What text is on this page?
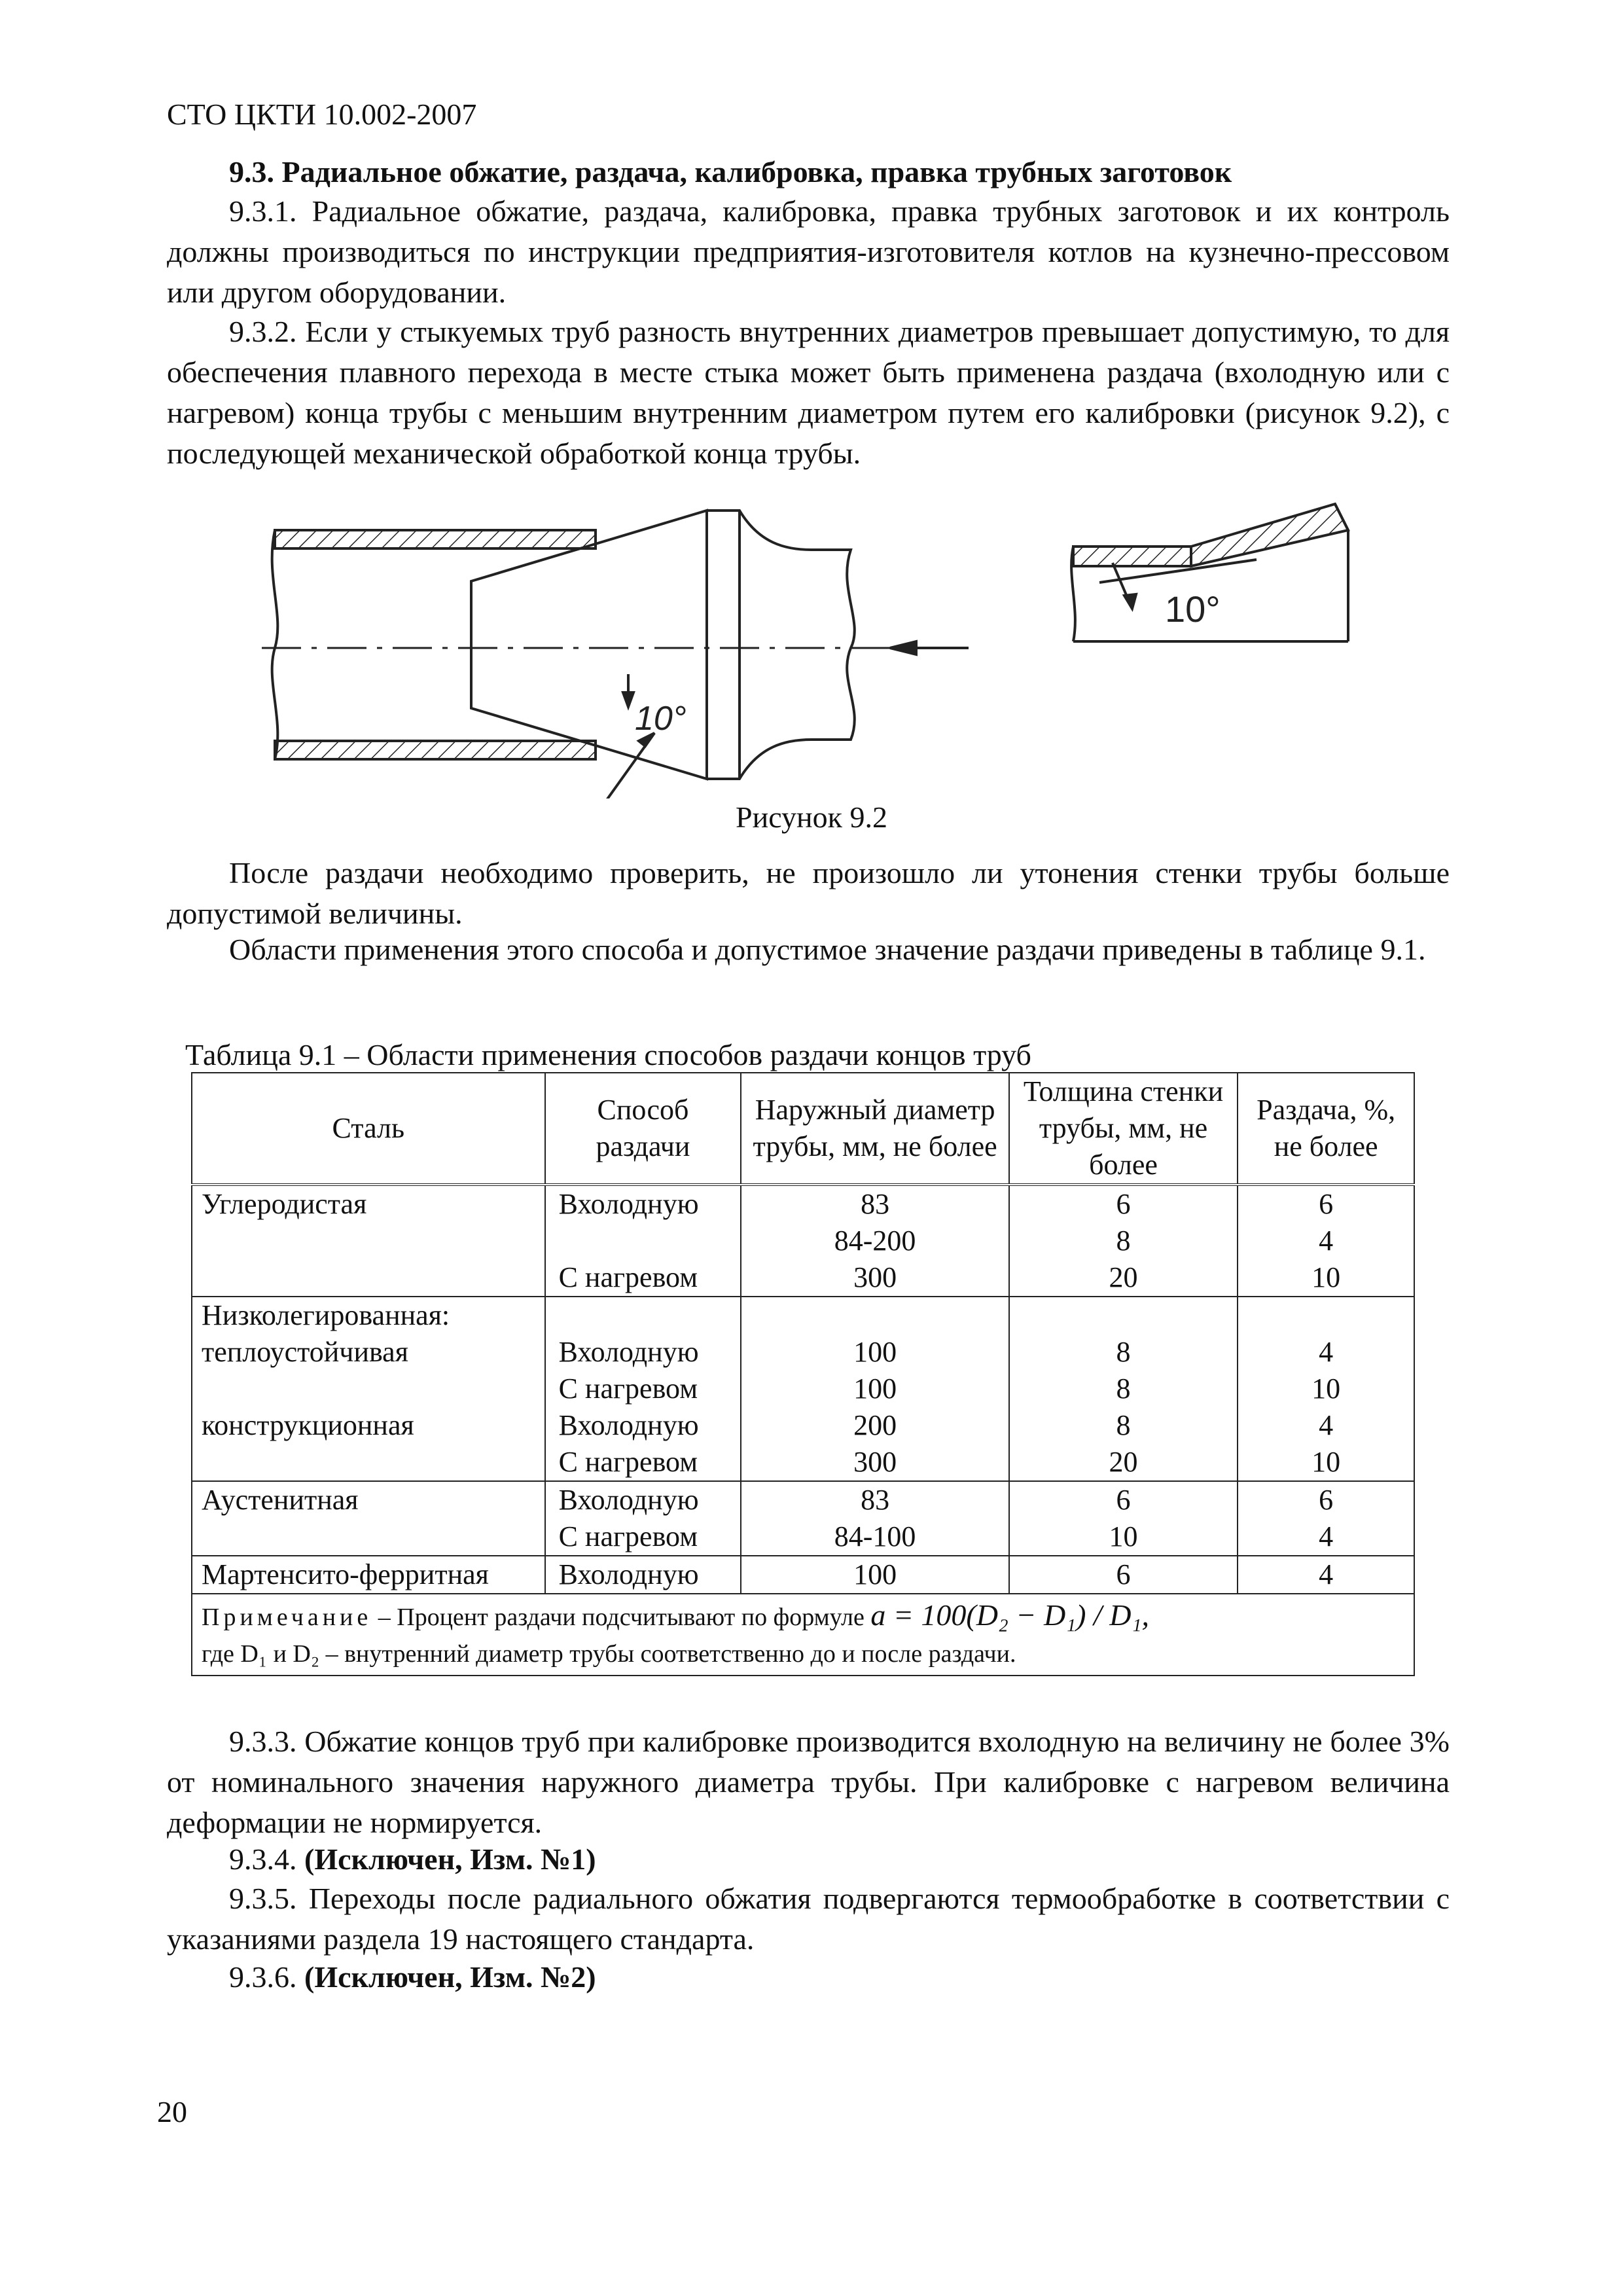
СТО ЦКТИ 10.002-2007
9.3. Радиальное обжатие, раздача, калибровка, правка трубных заготовок

9.3.1. Радиальное обжатие, раздача, калибровка, правка трубных заготовок и их контроль должны производиться по инструкции предприятия-изготовителя котлов на кузнечно-прессовом или другом оборудовании.

9.3.2. Если у стыкуемых труб разность внутренних диаметров превышает допустимую, то для обеспечения плавного перехода в месте стыка может быть применена раздача (вхолодную или с нагревом) конца трубы с меньшим внутренним диаметром путем его калибровки (рисунок 9.2), с последующей механической обработкой конца трубы.

10°
10°
Рисунок 9.2

После раздачи необходимо проверить, не произошло ли утонения стенки трубы больше допустимой величины.

Области применения этого способа и допустимое значение раздачи приведены в таблице 9.1.

Таблица 9.1 – Области применения способов раздачи концов труб
Сталь	Способ раздачи	Наружный диаметр трубы, мм, не более	Толщина стенки трубы, мм, не более	Раздача, %, не более
Углеродистая	Вхолодную	83	6	6
		84-200	8	4
	С нагревом	300	20	10
Низколегированная:				
теплоустойчивая	Вхолодную	100	8	4
	С нагревом	100	8	10
конструкционная	Вхолодную	200	8	4
	С нагревом	300	20	10
Аустенитная	Вхолодную	83	6	6
	С нагревом	84-100	10	4
Мартенсито-ферритная	Вхолодную	100	6	4
Примечание – Процент раздачи подсчитывают по формуле a = 100(D₂ − D₁) / D₁,
где D₁ и D₂ – внутренний диаметр трубы соответственно до и после раздачи.				

9.3.3. Обжатие концов труб при калибровке производится вхолодную на величину не более 3% от номинального значения наружного диаметра трубы. При калибровке с нагревом величина деформации не нормируется.

9.3.4. (Исключен, Изм. №1)

9.3.5. Переходы после радиального обжатия подвергаются термообработке в соответствии с указаниями раздела 19 настоящего стандарта.

9.3.6. (Исключен, Изм. №2)

20
